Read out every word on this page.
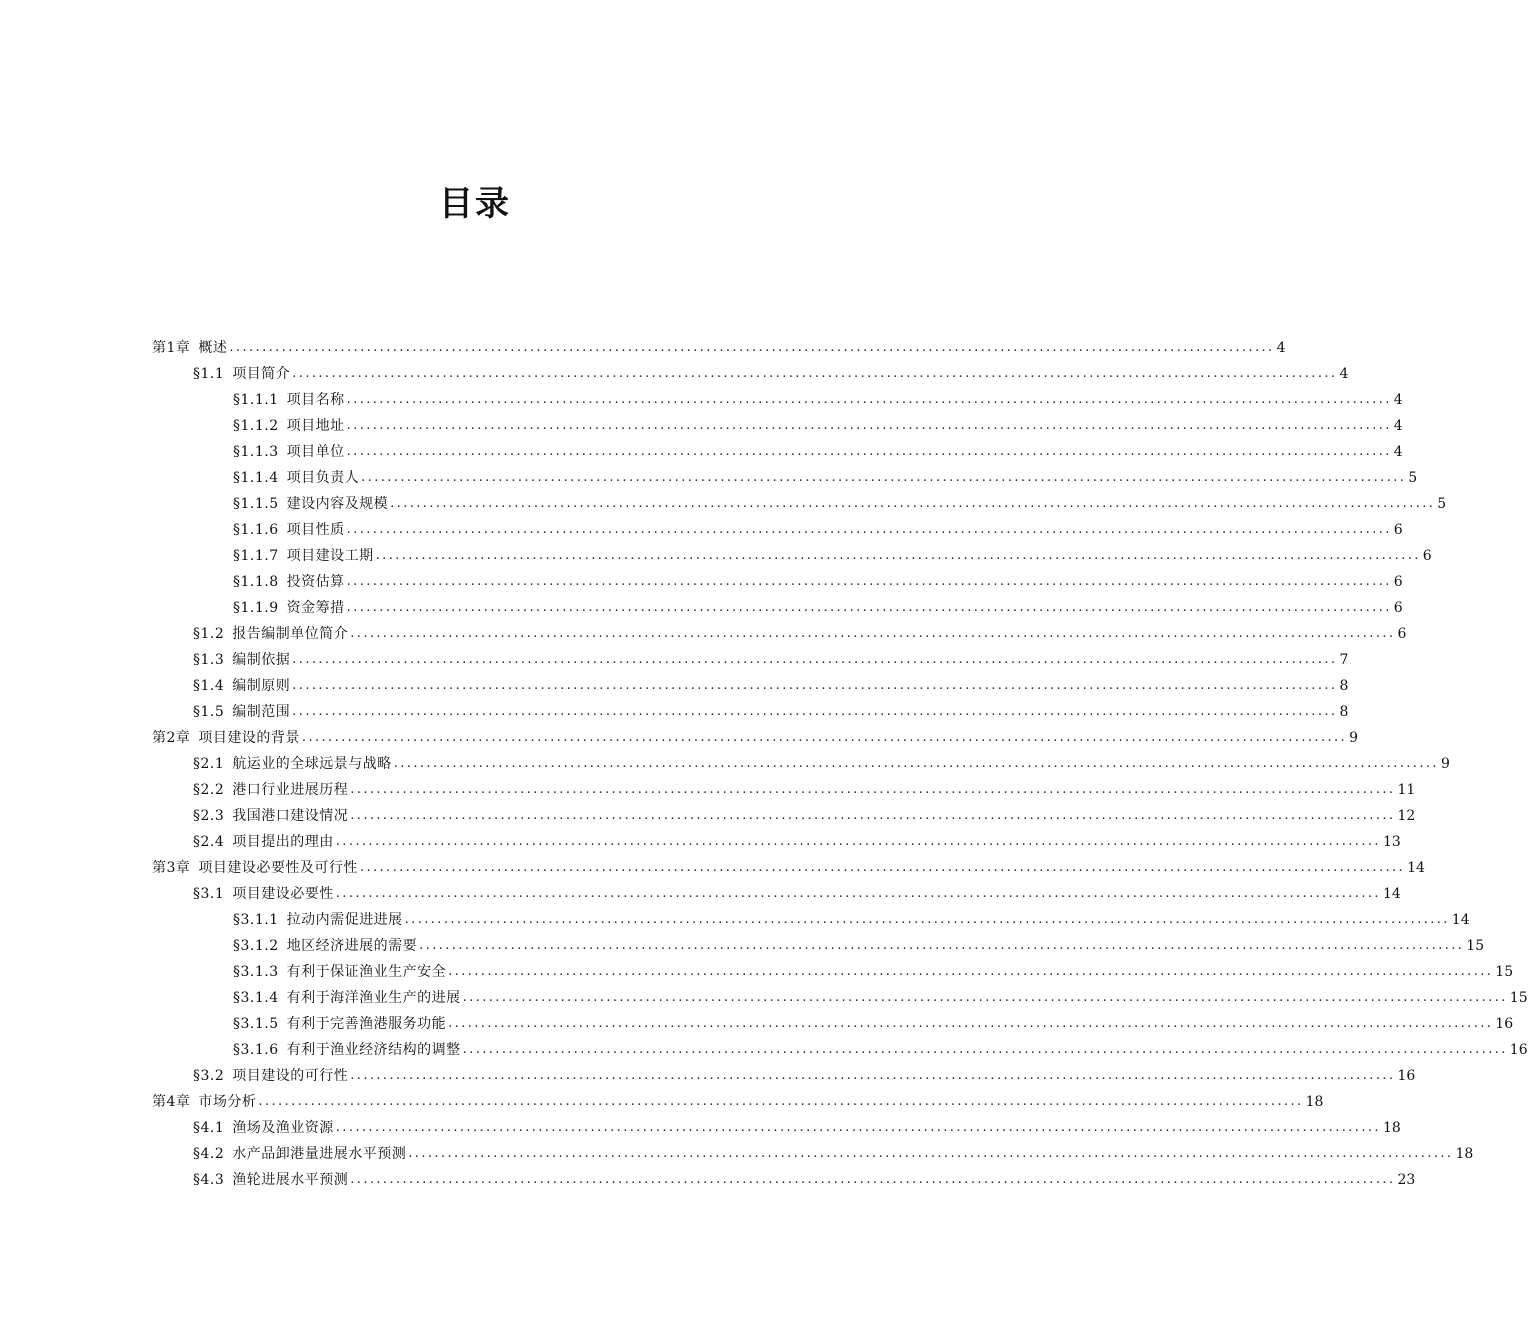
目录
第1章 概述 ................................................................................................................................................................ 4
§1.1 项目简介 ................................................................................................................................................................ 4
§1.1.1 项目名称 ................................................................................................................................................................ 4
§1.1.2 项目地址 ................................................................................................................................................................ 4
§1.1.3 项目单位 ................................................................................................................................................................ 4
§1.1.4 项目负责人 ................................................................................................................................................................ 5
§1.1.5 建设内容及规模 ................................................................................................................................................................ 5
§1.1.6 项目性质 ................................................................................................................................................................ 6
§1.1.7 项目建设工期 ................................................................................................................................................................ 6
§1.1.8 投资估算 ................................................................................................................................................................ 6
§1.1.9 资金筹措 ................................................................................................................................................................ 6
§1.2 报告编制单位简介 ................................................................................................................................................................ 6
§1.3 编制依据 ................................................................................................................................................................ 7
§1.4 编制原则 ................................................................................................................................................................ 8
§1.5 编制范围 ................................................................................................................................................................ 8
第2章 项目建设的背景 ................................................................................................................................................................ 9
§2.1 航运业的全球远景与战略 ................................................................................................................................................................ 9
§2.2 港口行业进展历程 ................................................................................................................................................................ 11
§2.3 我国港口建设情况 ................................................................................................................................................................ 12
§2.4 项目提出的理由 ................................................................................................................................................................ 13
第3章 项目建设必要性及可行性 ................................................................................................................................................................ 14
§3.1 项目建设必要性 ................................................................................................................................................................ 14
§3.1.1 拉动内需促进进展 ................................................................................................................................................................ 14
§3.1.2 地区经济进展的需要 ................................................................................................................................................................ 15
§3.1.3 有利于保证渔业生产安全 ................................................................................................................................................................ 15
§3.1.4 有利于海洋渔业生产的进展 ................................................................................................................................................................ 15
§3.1.5 有利于完善渔港服务功能 ................................................................................................................................................................ 16
§3.1.6 有利于渔业经济结构的调整 ................................................................................................................................................................ 16
§3.2 项目建设的可行性 ................................................................................................................................................................ 16
第4章 市场分析 ................................................................................................................................................................ 18
§4.1 渔场及渔业资源 ................................................................................................................................................................ 18
§4.2 水产品卸港量进展水平预测 ................................................................................................................................................................ 18
§4.3 渔轮进展水平预测 ................................................................................................................................................................ 23
